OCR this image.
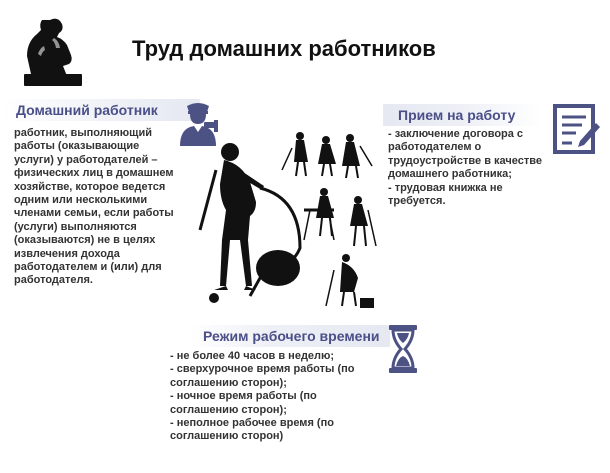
Труд домашних работников
Домашний работник
работник, выполняющий
работы (оказывающие
услуги) у работодателей –
физических лиц в домашнем
хозяйстве, которое ведется
одним или несколькими
членами семьи, если работы
(услуги) выполняются
(оказываются) не в целях
извлечения дохода
работодателем и (или) для
работодателя.
Прием на работу
- заключение договора с
работодателем о
трудоустройстве в качестве
домашнего работника;
- трудовая книжка не
требуется.
Режим рабочего времени
- не более 40 часов в неделю;
- сверхурочное время работы (по
соглашению сторон);
- ночное время работы (по
соглашению сторон);
- неполное рабочее время (по
соглашению сторон)
